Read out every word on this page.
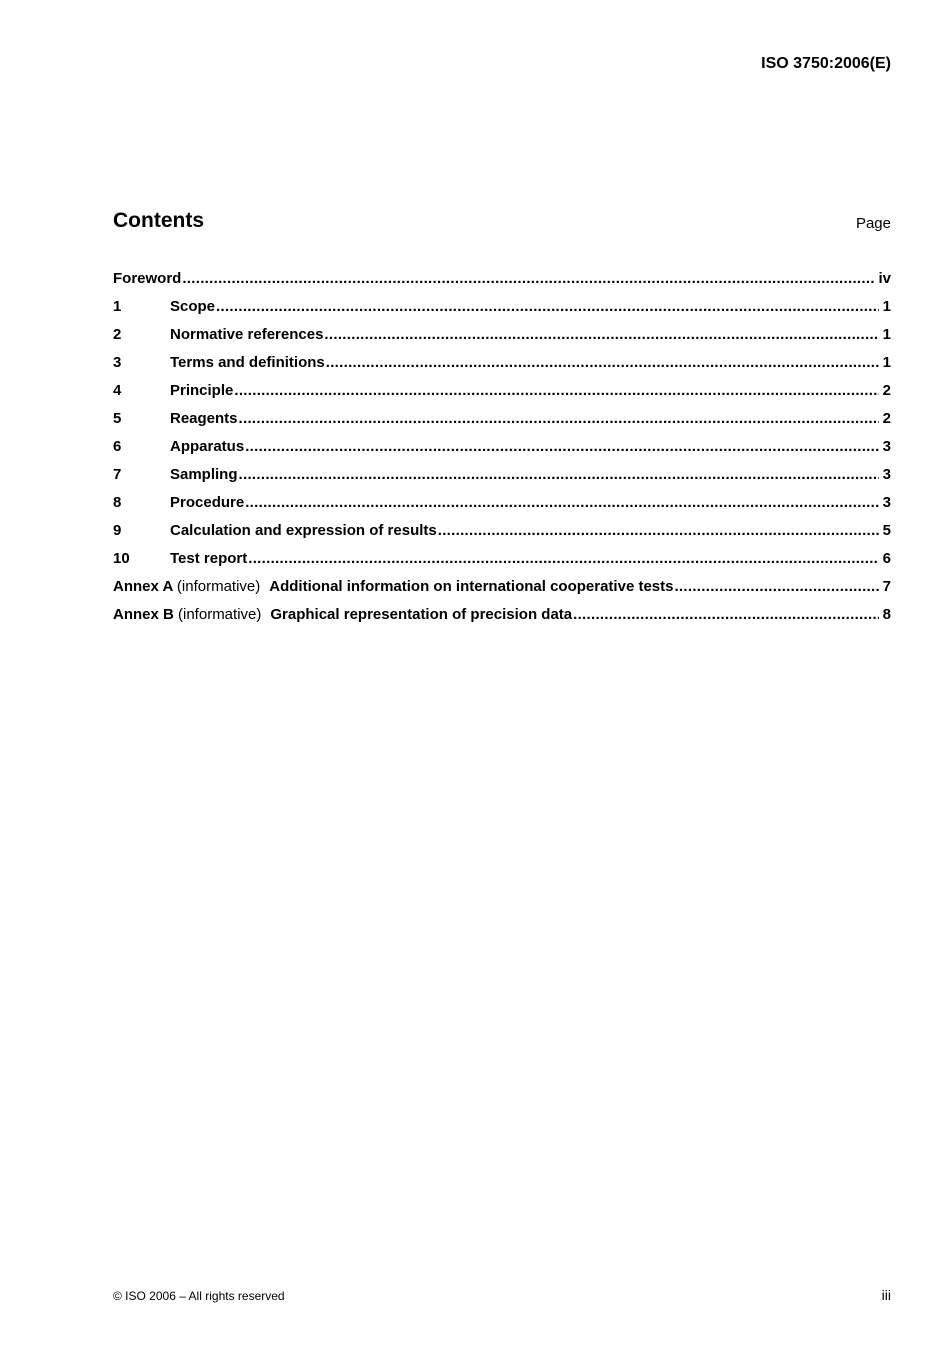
ISO 3750:2006(E)
Contents	Page
Foreword .....	iv
1	Scope .....	1
2	Normative references .....	1
3	Terms and definitions .....	1
4	Principle .....	2
5	Reagents .....	2
6	Apparatus .....	3
7	Sampling .....	3
8	Procedure .....	3
9	Calculation and expression of results .....	5
10	Test report .....	6
Annex A (informative) Additional information on international cooperative tests .....	7
Annex B (informative) Graphical representation of precision data .....	8
© ISO 2006 – All rights reserved	iii
